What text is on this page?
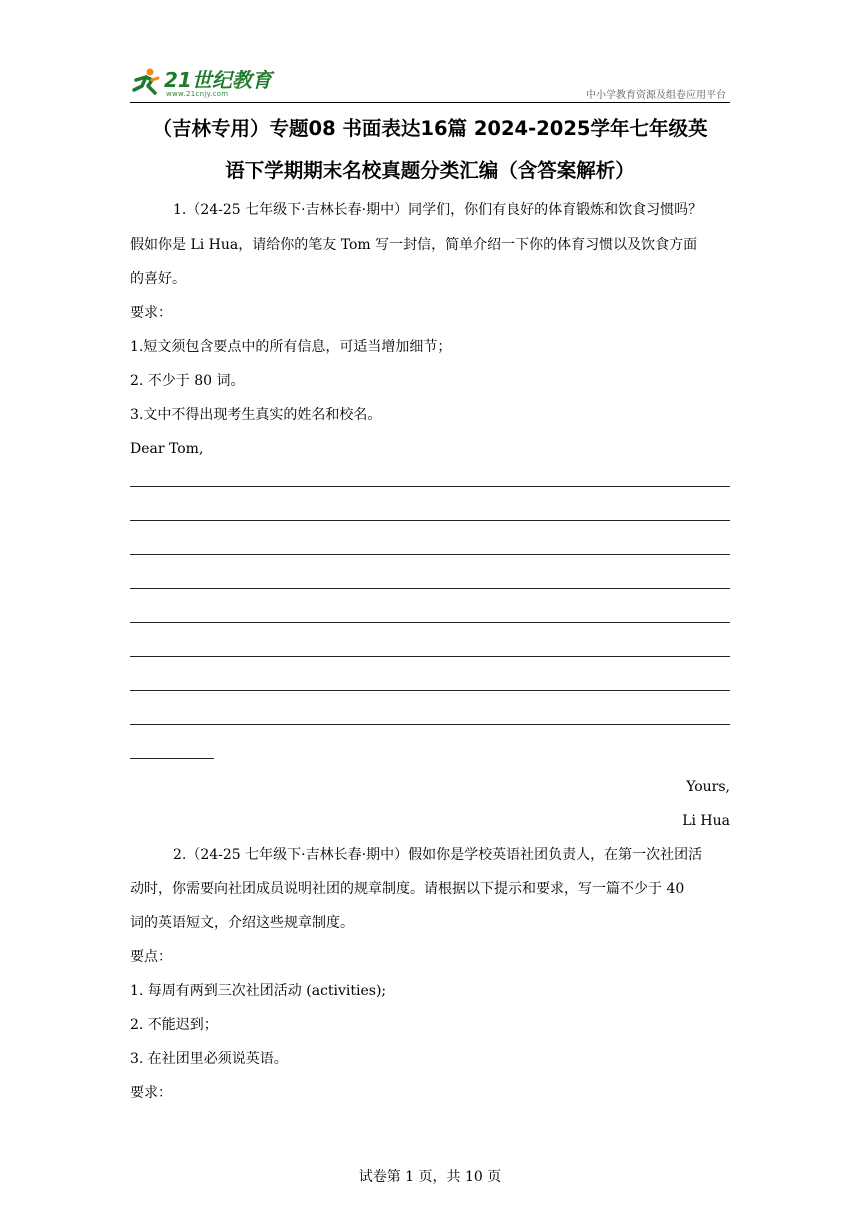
21世纪教育
www.21cnjy.com	中小学教育资源及组卷应用平台
（吉林专用）专题08 书面表达16篇 2024-2025学年七年级英
语下学期期末名校真题分类汇编（含答案解析）
1.（24-25 七年级下·吉林长春·期中）同学们，你们有良好的体育锻炼和饮食习惯吗？
假如你是 Li Hua，请给你的笔友 Tom 写一封信，简单介绍一下你的体育习惯以及饮食方面
的喜好。
要求：
1.短文须包含要点中的所有信息，可适当增加细节；
2. 不少于 80 词。
3.文中不得出现考生真实的姓名和校名。
Dear Tom,
Yours,
Li Hua
2.（24-25 七年级下·吉林长春·期中）假如你是学校英语社团负责人，在第一次社团活
动时，你需要向社团成员说明社团的规章制度。请根据以下提示和要求，写一篇不少于 40
词的英语短文，介绍这些规章制度。
要点：
1. 每周有两到三次社团活动 (activities);
2. 不能迟到；
3. 在社团里必须说英语。
要求：
试卷第 1 页，共 10 页
